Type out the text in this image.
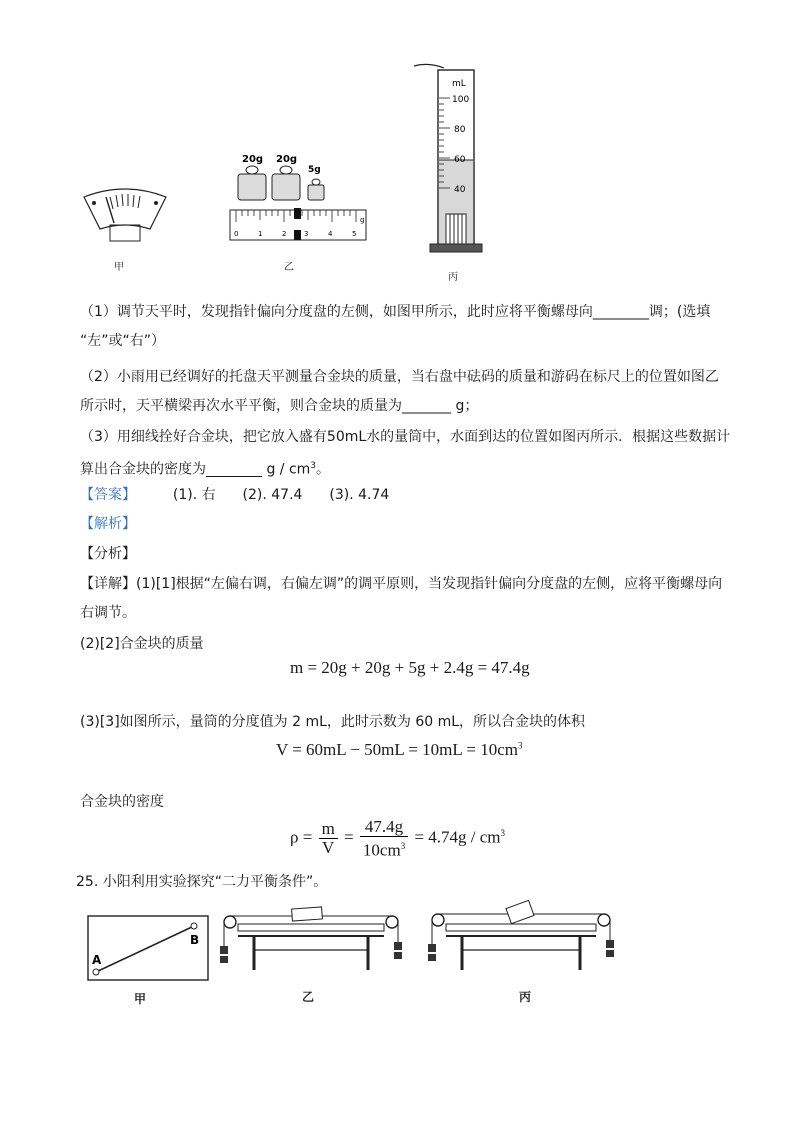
甲
20g 20g
5g
0	1	2	3	4	5
g
乙
mL
100
80
60
40
丙
（1）调节天平时，发现指针偏向分度盘的左侧，如图甲所示，此时应将平衡螺母向________调；(选填
“左”或“右”）
（2）小雨用已经调好的托盘天平测量合金块的质量，当右盘中砝码的质量和游码在标尺上的位置如图乙
所示时，天平横梁再次水平平衡，则合金块的质量为_______ g；
（3）用细线拴好合金块，把它放入盛有50mL水的量筒中，水面到达的位置如图丙所示．根据这些数据计
算出合金块的密度为________ g / $cm^3$。
【答案】	(1). 右 (2). 47.4 (3). 4.74
【解析】
【分析】
【详解】(1)[1]根据“左偏右调，右偏左调”的调平原则，当发现指针偏向分度盘的左侧，应将平衡螺母向
右调节。
(2)[2]合金块的质量
m = 20g + 20g + 5g + 2.4g = 47.4g
(3)[3]如图所示，量筒的分度值为 2 mL，此时示数为 60 mL，所以合金块的体积
$V = 60mL - 50mL = 10mL = 10cm^3$
合金块的密度
$\rho = \frac{m}{V} = \frac{47.4g}{10cm^3} = 4.74g / cm^3$
25. 小阳利用实验探究“二力平衡条件”。
A
B
甲	乙	丙
